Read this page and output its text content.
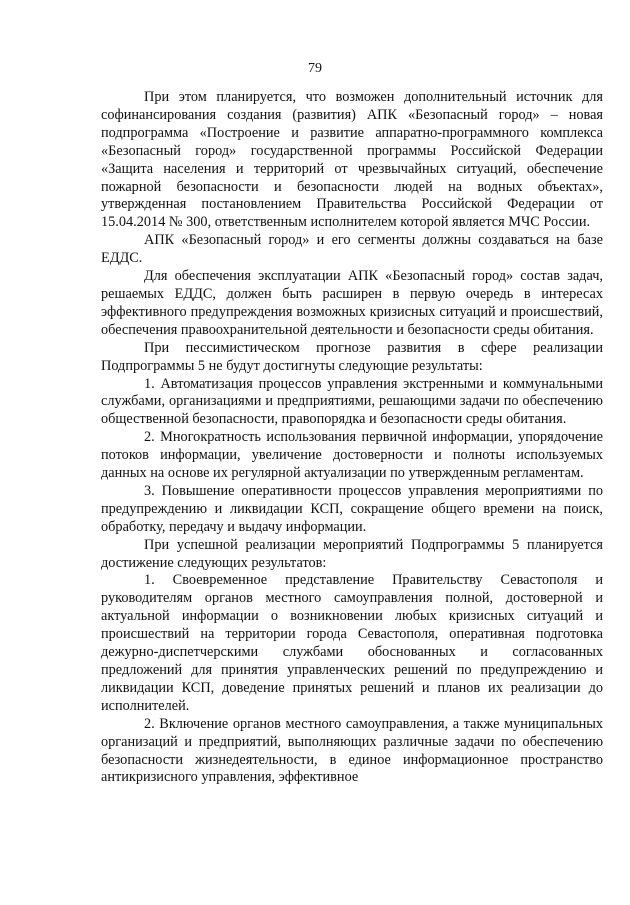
79

При этом планируется, что возможен дополнительный источник для софинансирования создания (развития) АПК «Безопасный город» – новая подпрограмма «Построение и развитие аппаратно-программного комплекса «Безопасный город» государственной программы Российской Федерации «Защита населения и территорий от чрезвычайных ситуаций, обеспечение пожарной безопасности и безопасности людей на водных объектах», утвержденная постановлением Правительства Российской Федерации от 15.04.2014 № 300, ответственным исполнителем которой является МЧС России.

АПК «Безопасный город» и его сегменты должны создаваться на базе ЕДДС.

Для обеспечения эксплуатации АПК «Безопасный город» состав задач, решаемых ЕДДС, должен быть расширен в первую очередь в интересах эффективного предупреждения возможных кризисных ситуаций и происшествий, обеспечения правоохранительной деятельности и безопасности среды обитания.

При пессимистическом прогнозе развития в сфере реализации Подпрограммы 5 не будут достигнуты следующие результаты:

1. Автоматизация процессов управления экстренными и коммунальными службами, организациями и предприятиями, решающими задачи по обеспечению общественной безопасности, правопорядка и безопасности среды обитания.

2. Многократность использования первичной информации, упорядочение потоков информации, увеличение достоверности и полноты используемых данных на основе их регулярной актуализации по утвержденным регламентам.

3. Повышение оперативности процессов управления мероприятиями по предупреждению и ликвидации КСП, сокращение общего времени на поиск, обработку, передачу и выдачу информации.

При успешной реализации мероприятий Подпрограммы 5 планируется достижение следующих результатов:

1. Своевременное представление Правительству Севастополя и руководителям органов местного самоуправления полной, достоверной и актуальной информации о возникновении любых кризисных ситуаций и происшествий на территории города Севастополя, оперативная подготовка дежурно-диспетчерскими службами обоснованных и согласованных предложений для принятия управленческих решений по предупреждению и ликвидации КСП, доведение принятых решений и планов их реализации до исполнителей.

2. Включение органов местного самоуправления, а также муниципальных организаций и предприятий, выполняющих различные задачи по обеспечению безопасности жизнедеятельности, в единое информационное пространство антикризисного управления, эффективное
